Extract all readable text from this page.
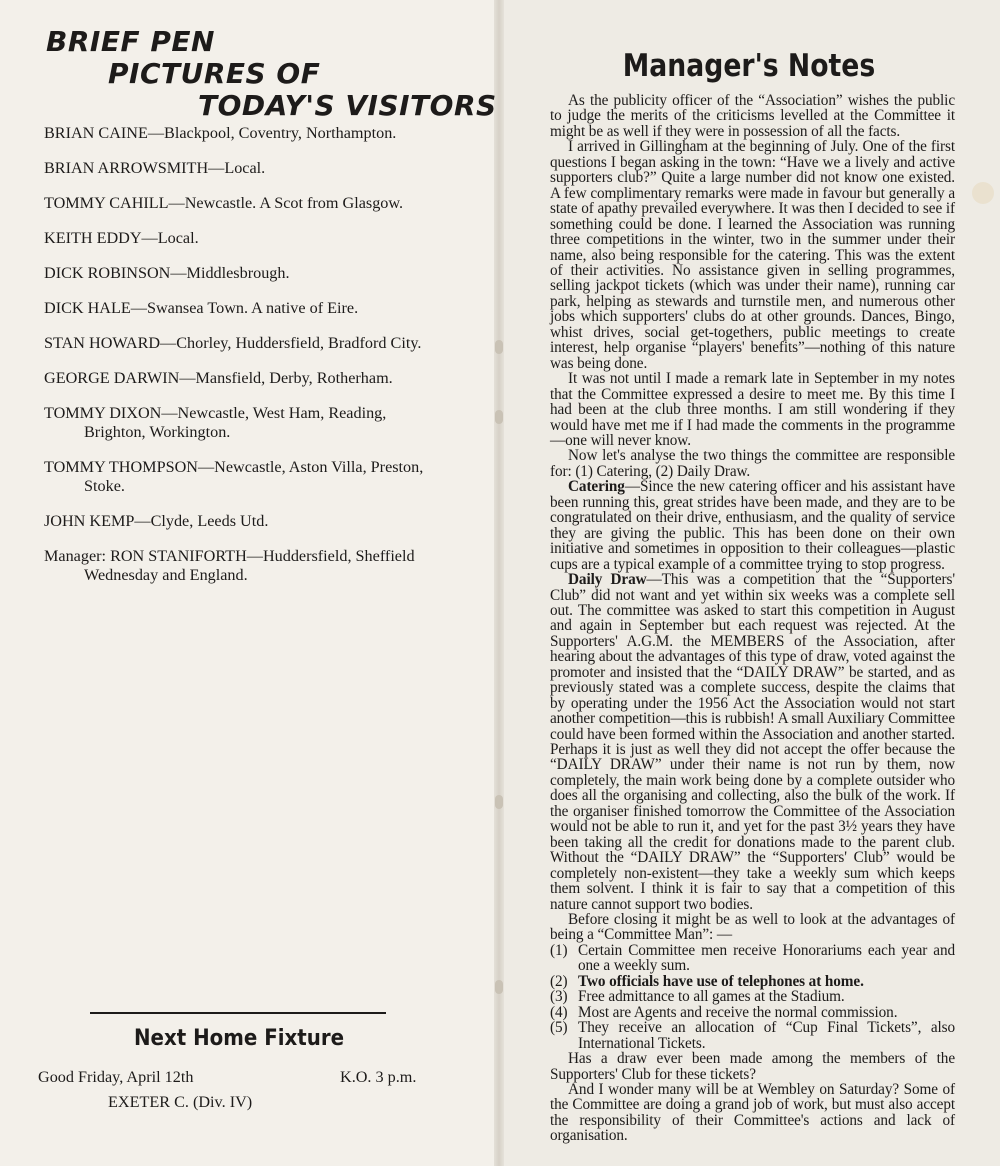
BRIEF PEN
PICTURES OF
TODAY'S VISITORS

BRIAN CAINE—Blackpool, Coventry, Northampton.

BRIAN ARROWSMITH—Local.

TOMMY CAHILL—Newcastle. A Scot from Glasgow.

KEITH EDDY—Local.

DICK ROBINSON—Middlesbrough.

DICK HALE—Swansea Town. A native of Eire.

STAN HOWARD—Chorley, Huddersfield, Bradford City.

GEORGE DARWIN—Mansfield, Derby, Rotherham.

TOMMY DIXON—Newcastle, West Ham, Reading, Brighton, Workington.

TOMMY THOMPSON—Newcastle, Aston Villa, Preston, Stoke.

JOHN KEMP—Clyde, Leeds Utd.

Manager: RON STANIFORTH—Huddersfield, Sheffield Wednesday and England.

Next Home Fixture
Good Friday, April 12th	K.O. 3 p.m.
EXETER C. (Div. IV)
Manager's Notes

As the publicity officer of the “Association” wishes the public to judge the merits of the criticisms levelled at the Committee it might be as well if they were in possession of all the facts.

I arrived in Gillingham at the beginning of July. One of the first questions I began asking in the town: “Have we a lively and active supporters club?” Quite a large number did not know one existed. A few complimentary remarks were made in favour but generally a state of apathy prevailed everywhere. It was then I decided to see if something could be done. I learned the Association was running three competitions in the winter, two in the summer under their name, also being responsible for the catering. This was the extent of their activities. No assistance given in selling programmes, selling jackpot tickets (which was under their name), running car park, helping as stewards and turnstile men, and numerous other jobs which supporters' clubs do at other grounds. Dances, Bingo, whist drives, social get-togethers, public meetings to create interest, help organise “players' benefits”—nothing of this nature was being done.

It was not until I made a remark late in September in my notes that the Committee expressed a desire to meet me. By this time I had been at the club three months. I am still wondering if they would have met me if I had made the comments in the programme—one will never know.

Now let's analyse the two things the committee are responsible for: (1) Catering, (2) Daily Draw.

Catering—Since the new catering officer and his assistant have been running this, great strides have been made, and they are to be congratulated on their drive, enthusiasm, and the quality of service they are giving the public. This has been done on their own initiative and sometimes in opposition to their colleagues—plastic cups are a typical example of a committee trying to stop progress.

Daily Draw—This was a competition that the “Supporters' Club” did not want and yet within six weeks was a complete sell out. The committee was asked to start this competition in August and again in September but each request was rejected. At the Supporters' A.G.M. the MEMBERS of the Association, after hearing about the advantages of this type of draw, voted against the promoter and insisted that the “DAILY DRAW” be started, and as previously stated was a complete success, despite the claims that by operating under the 1956 Act the Association would not start another competition—this is rubbish! A small Auxiliary Committee could have been formed within the Association and another started. Perhaps it is just as well they did not accept the offer because the “DAILY DRAW” under their name is not run by them, now completely, the main work being done by a complete outsider who does all the organising and collecting, also the bulk of the work. If the organiser finished tomorrow the Committee of the Association would not be able to run it, and yet for the past 3½ years they have been taking all the credit for donations made to the parent club. Without the “DAILY DRAW” the “Supporters' Club” would be completely non-existent—they take a weekly sum which keeps them solvent. I think it is fair to say that a competition of this nature cannot support two bodies.

Before closing it might be as well to look at the advantages of being a “Committee Man”: —

(1) Certain Committee men receive Honorariums each year and one a weekly sum.

(2) Two officials have use of telephones at home.

(3) Free admittance to all games at the Stadium.

(4) Most are Agents and receive the normal commission.

(5) They receive an allocation of “Cup Final Tickets”, also International Tickets.

Has a draw ever been made among the members of the Supporters' Club for these tickets?

And I wonder many will be at Wembley on Saturday? Some of the Committee are doing a grand job of work, but must also accept the responsibility of their Committee's actions and lack of organisation.
